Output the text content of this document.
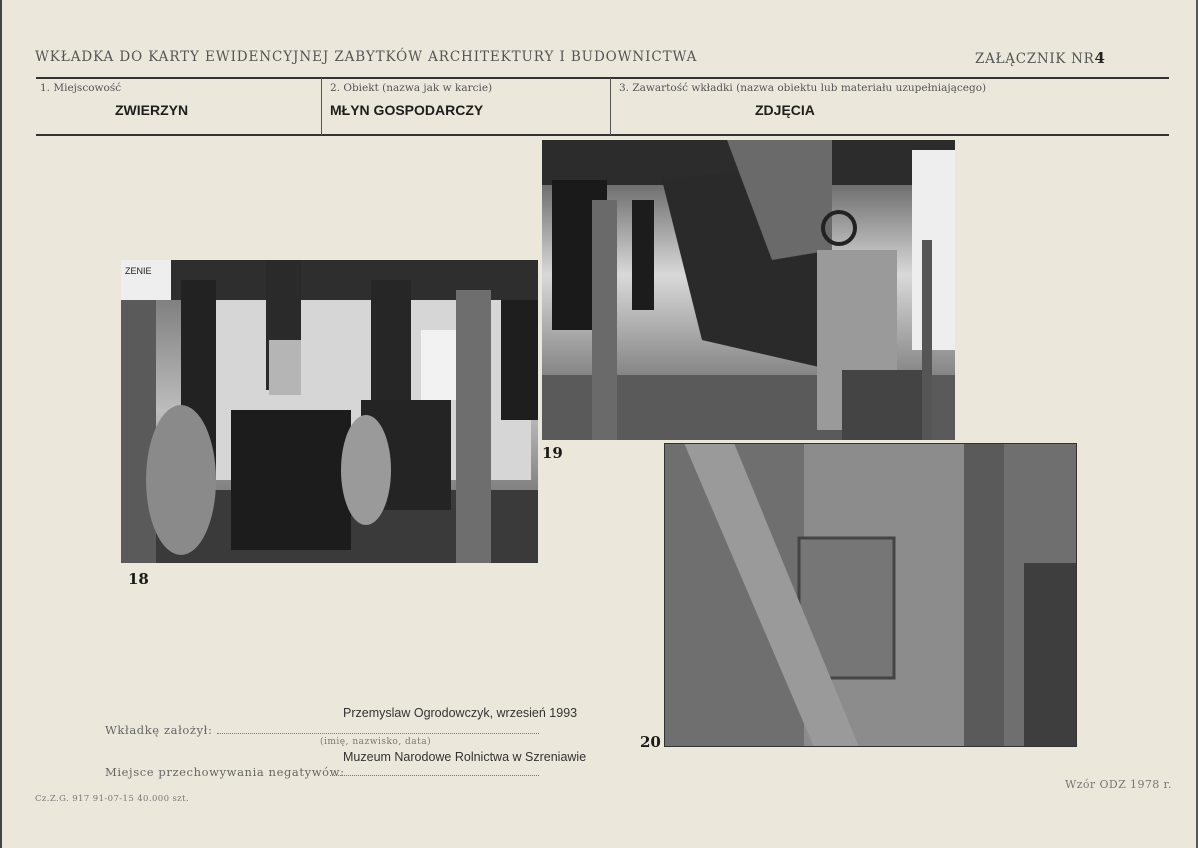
WKŁADKA DO KARTY EWIDENCYJNEJ ZABYTKÓW ARCHITEKTURY I BUDOWNICTWA	ZAŁĄCZNIK NR4
1. Miejscowość
ZWIERZYN
2. Obiekt (nazwa jak w karcie)
MŁYN GOSPODARCZY
3. Zawartość wkładki (nazwa obiektu lub materiału uzupełniającego)
ZDJĘCIA
ZENIE
18
19
20
Wkładkę założył:
Przemyslaw Ogrodowczyk, wrzesień 1993
(imię, nazwisko, data)
Miejsce przechowywania negatywów:
Muzeum Narodowe Rolnictwa w Szreniawie
Cz.Z.G. 917 91-07-15 40.000 szt.
Wzór ODZ 1978 r.
